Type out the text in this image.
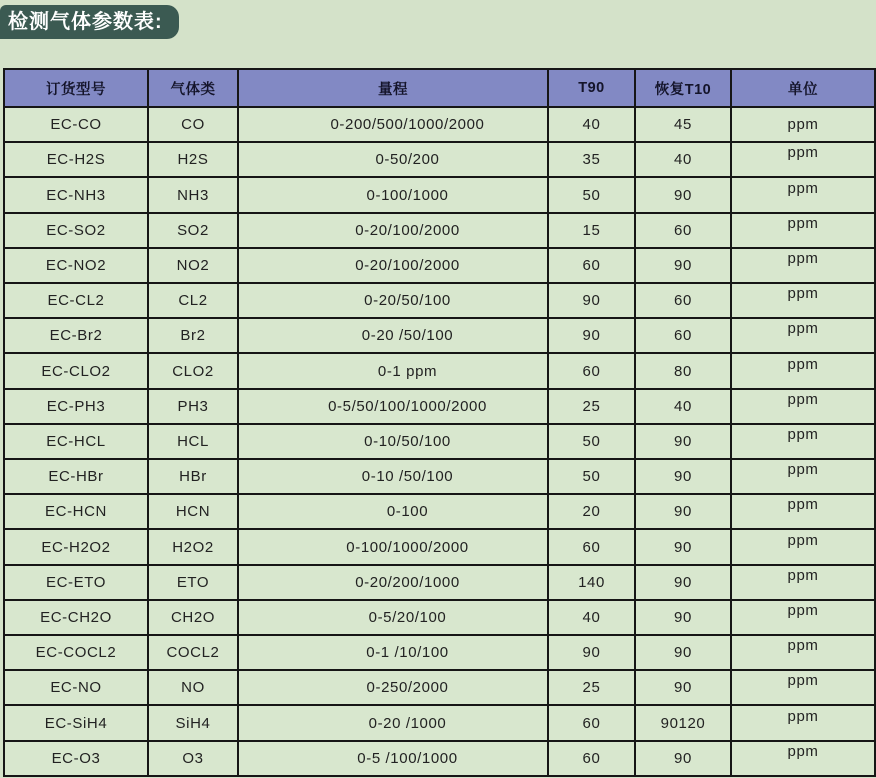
检测气体参数表:
订货型号	气体类	量程	T90	恢复T10	单位
EC-CO	CO	0-200/500/1000/2000	40	45	ppm
EC-H2S	H2S	0-50/200	35	40	ppm
EC-NH3	NH3	0-100/1000	50	90	ppm
EC-SO2	SO2	0-20/100/2000	15	60	ppm
EC-NO2	NO2	0-20/100/2000	60	90	ppm
EC-CL2	CL2	0-20/50/100	90	60	ppm
EC-Br2	Br2	0-20 /50/100	90	60	ppm
EC-CLO2	CLO2	0-1 ppm	60	80	ppm
EC-PH3	PH3	0-5/50/100/1000/2000	25	40	ppm
EC-HCL	HCL	0-10/50/100	50	90	ppm
EC-HBr	HBr	0-10 /50/100	50	90	ppm
EC-HCN	HCN	0-100	20	90	ppm
EC-H2O2	H2O2	0-100/1000/2000	60	90	ppm
EC-ETO	ETO	0-20/200/1000	140	90	ppm
EC-CH2O	CH2O	0-5/20/100	40	90	ppm
EC-COCL2	COCL2	0-1 /10/100	90	90	ppm
EC-NO	NO	0-250/2000	25	90	ppm
EC-SiH4	SiH4	0-20 /1000	60	90120	ppm
EC-O3	O3	0-5 /100/1000	60	90	ppm
